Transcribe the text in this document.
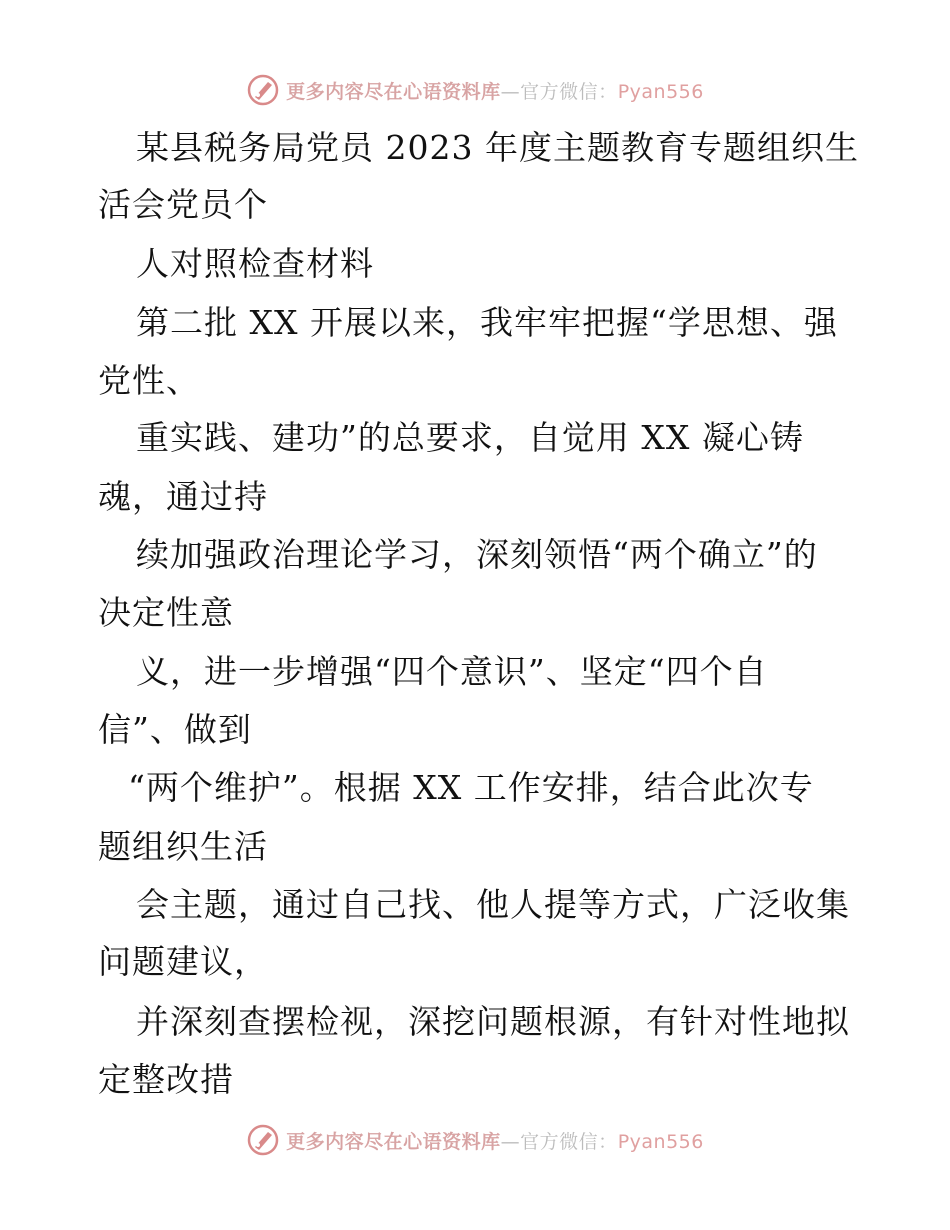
更多内容尽在心语资料库—官方微信：Pyan556
某县税务局党员 2023 年度主题教育专题组织生
活会党员个
人对照检查材料
第二批 XX 开展以来，我牢牢把握“学思想、强
党性、
重实践、建功”的总要求，自觉用 XX 凝心铸
魂，通过持
续加强政治理论学习，深刻领悟“两个确立”的
决定性意
义，进一步增强“四个意识”、坚定“四个自
信”、做到
“两个维护”。根据 XX 工作安排，结合此次专
题组织生活
会主题，通过自己找、他人提等方式，广泛收集
问题建议，
并深刻查摆检视，深挖问题根源，有针对性地拟
定整改措
更多内容尽在心语资料库—官方微信：Pyan556
